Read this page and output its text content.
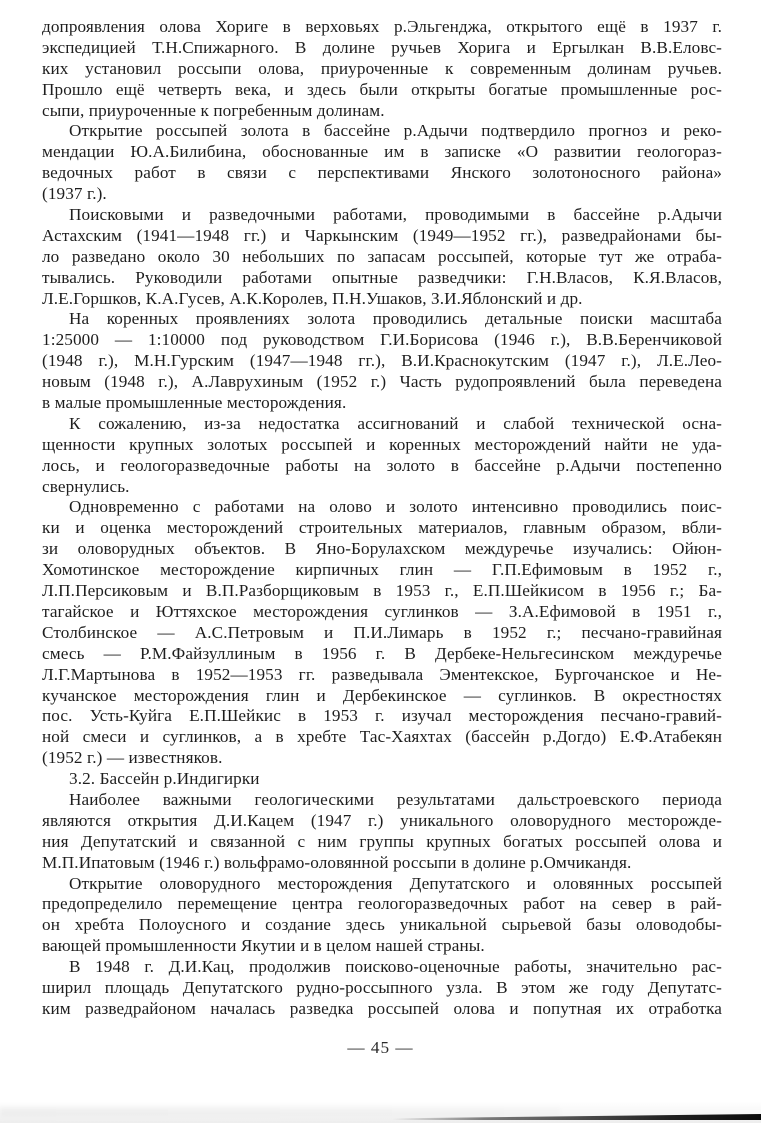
допроявления олова Хориге в верховьях р.Эльгенджа, открытого ещё в 1937 г.
экспедицией Т.Н.Спижарного. В долине ручьев Хорига и Ергылкан В.В.Еловс-
ких установил россыпи олова, приуроченные к современным долинам ручьев.
Прошло ещё четверть века, и здесь были открыты богатые промышленные рос-
сыпи, приуроченные к погребенным долинам.
Открытие россыпей золота в бассейне р.Адычи подтвердило прогноз и реко-
мендации Ю.А.Билибина, обоснованные им в записке «О развитии геологораз-
ведочных работ в связи с перспективами Янского золотоносного района»
(1937 г.).
Поисковыми и разведочными работами, проводимыми в бассейне р.Адычи
Астахским (1941—1948 гг.) и Чаркынским (1949—1952 гг.), разведрайонами бы-
ло разведано около 30 небольших по запасам россыпей, которые тут же отраба-
тывались. Руководили работами опытные разведчики: Г.Н.Власов, К.Я.Власов,
Л.Е.Горшков, К.А.Гусев, А.К.Королев, П.Н.Ушаков, З.И.Яблонский и др.
На коренных проявлениях золота проводились детальные поиски масштаба
1:25000 — 1:10000 под руководством Г.И.Борисова (1946 г.), В.В.Беренчиковой
(1948 г.), М.Н.Гурским (1947—1948 гг.), В.И.Краснокутским (1947 г.), Л.Е.Лео-
новым (1948 г.), А.Лаврухиным (1952 г.) Часть рудопроявлений была переведена
в малые промышленные месторождения.
К сожалению, из-за недостатка ассигнований и слабой технической осна-
щенности крупных золотых россыпей и коренных месторождений найти не уда-
лось, и геологоразведочные работы на золото в бассейне р.Адычи постепенно
свернулись.
Одновременно с работами на олово и золото интенсивно проводились поис-
ки и оценка месторождений строительных материалов, главным образом, вбли-
зи оловорудных объектов. В Яно-Борулахском междуречье изучались: Ойюн-
Хомотинское месторождение кирпичных глин — Г.П.Ефимовым в 1952 г.,
Л.П.Персиковым и В.П.Разборщиковым в 1953 г., Е.П.Шейкисом в 1956 г.; Ба-
тагайское и Юттяхское месторождения суглинков — З.А.Ефимовой в 1951 г.,
Столбинское — А.С.Петровым и П.И.Лимарь в 1952 г.; песчано-гравийная
смесь — Р.М.Файзуллиным в 1956 г. В Дербеке-Нельгесинском междуречье
Л.Г.Мартынова в 1952—1953 гг. разведывала Эментекское, Бургочанское и Не-
кучанское месторождения глин и Дербекинское — суглинков. В окрестностях
пос. Усть-Куйга Е.П.Шейкис в 1953 г. изучал месторождения песчано-гравий-
ной смеси и суглинков, а в хребте Тас-Хаяхтах (бассейн р.Догдо) Е.Ф.Атабекян
(1952 г.) — известняков.
3.2. Бассейн р.Индигирки
Наиболее важными геологическими результатами дальстроевского периода
являются открытия Д.И.Кацем (1947 г.) уникального оловорудного месторожде-
ния Депутатский и связанной с ним группы крупных богатых россыпей олова и
М.П.Ипатовым (1946 г.) вольфрамо-оловянной россыпи в долине р.Омчикандя.
Открытие оловорудного месторождения Депутатского и оловянных россыпей
предопределило перемещение центра геологоразведочных работ на север в рай-
он хребта Полоусного и создание здесь уникальной сырьевой базы оловодобы-
вающей промышленности Якутии и в целом нашей страны.
В 1948 г. Д.И.Кац, продолжив поисково-оценочные работы, значительно рас-
ширил площадь Депутатского рудно-россыпного узла. В этом же году Депутатс-
ким разведрайоном началась разведка россыпей олова и попутная их отработка
— 45 —
